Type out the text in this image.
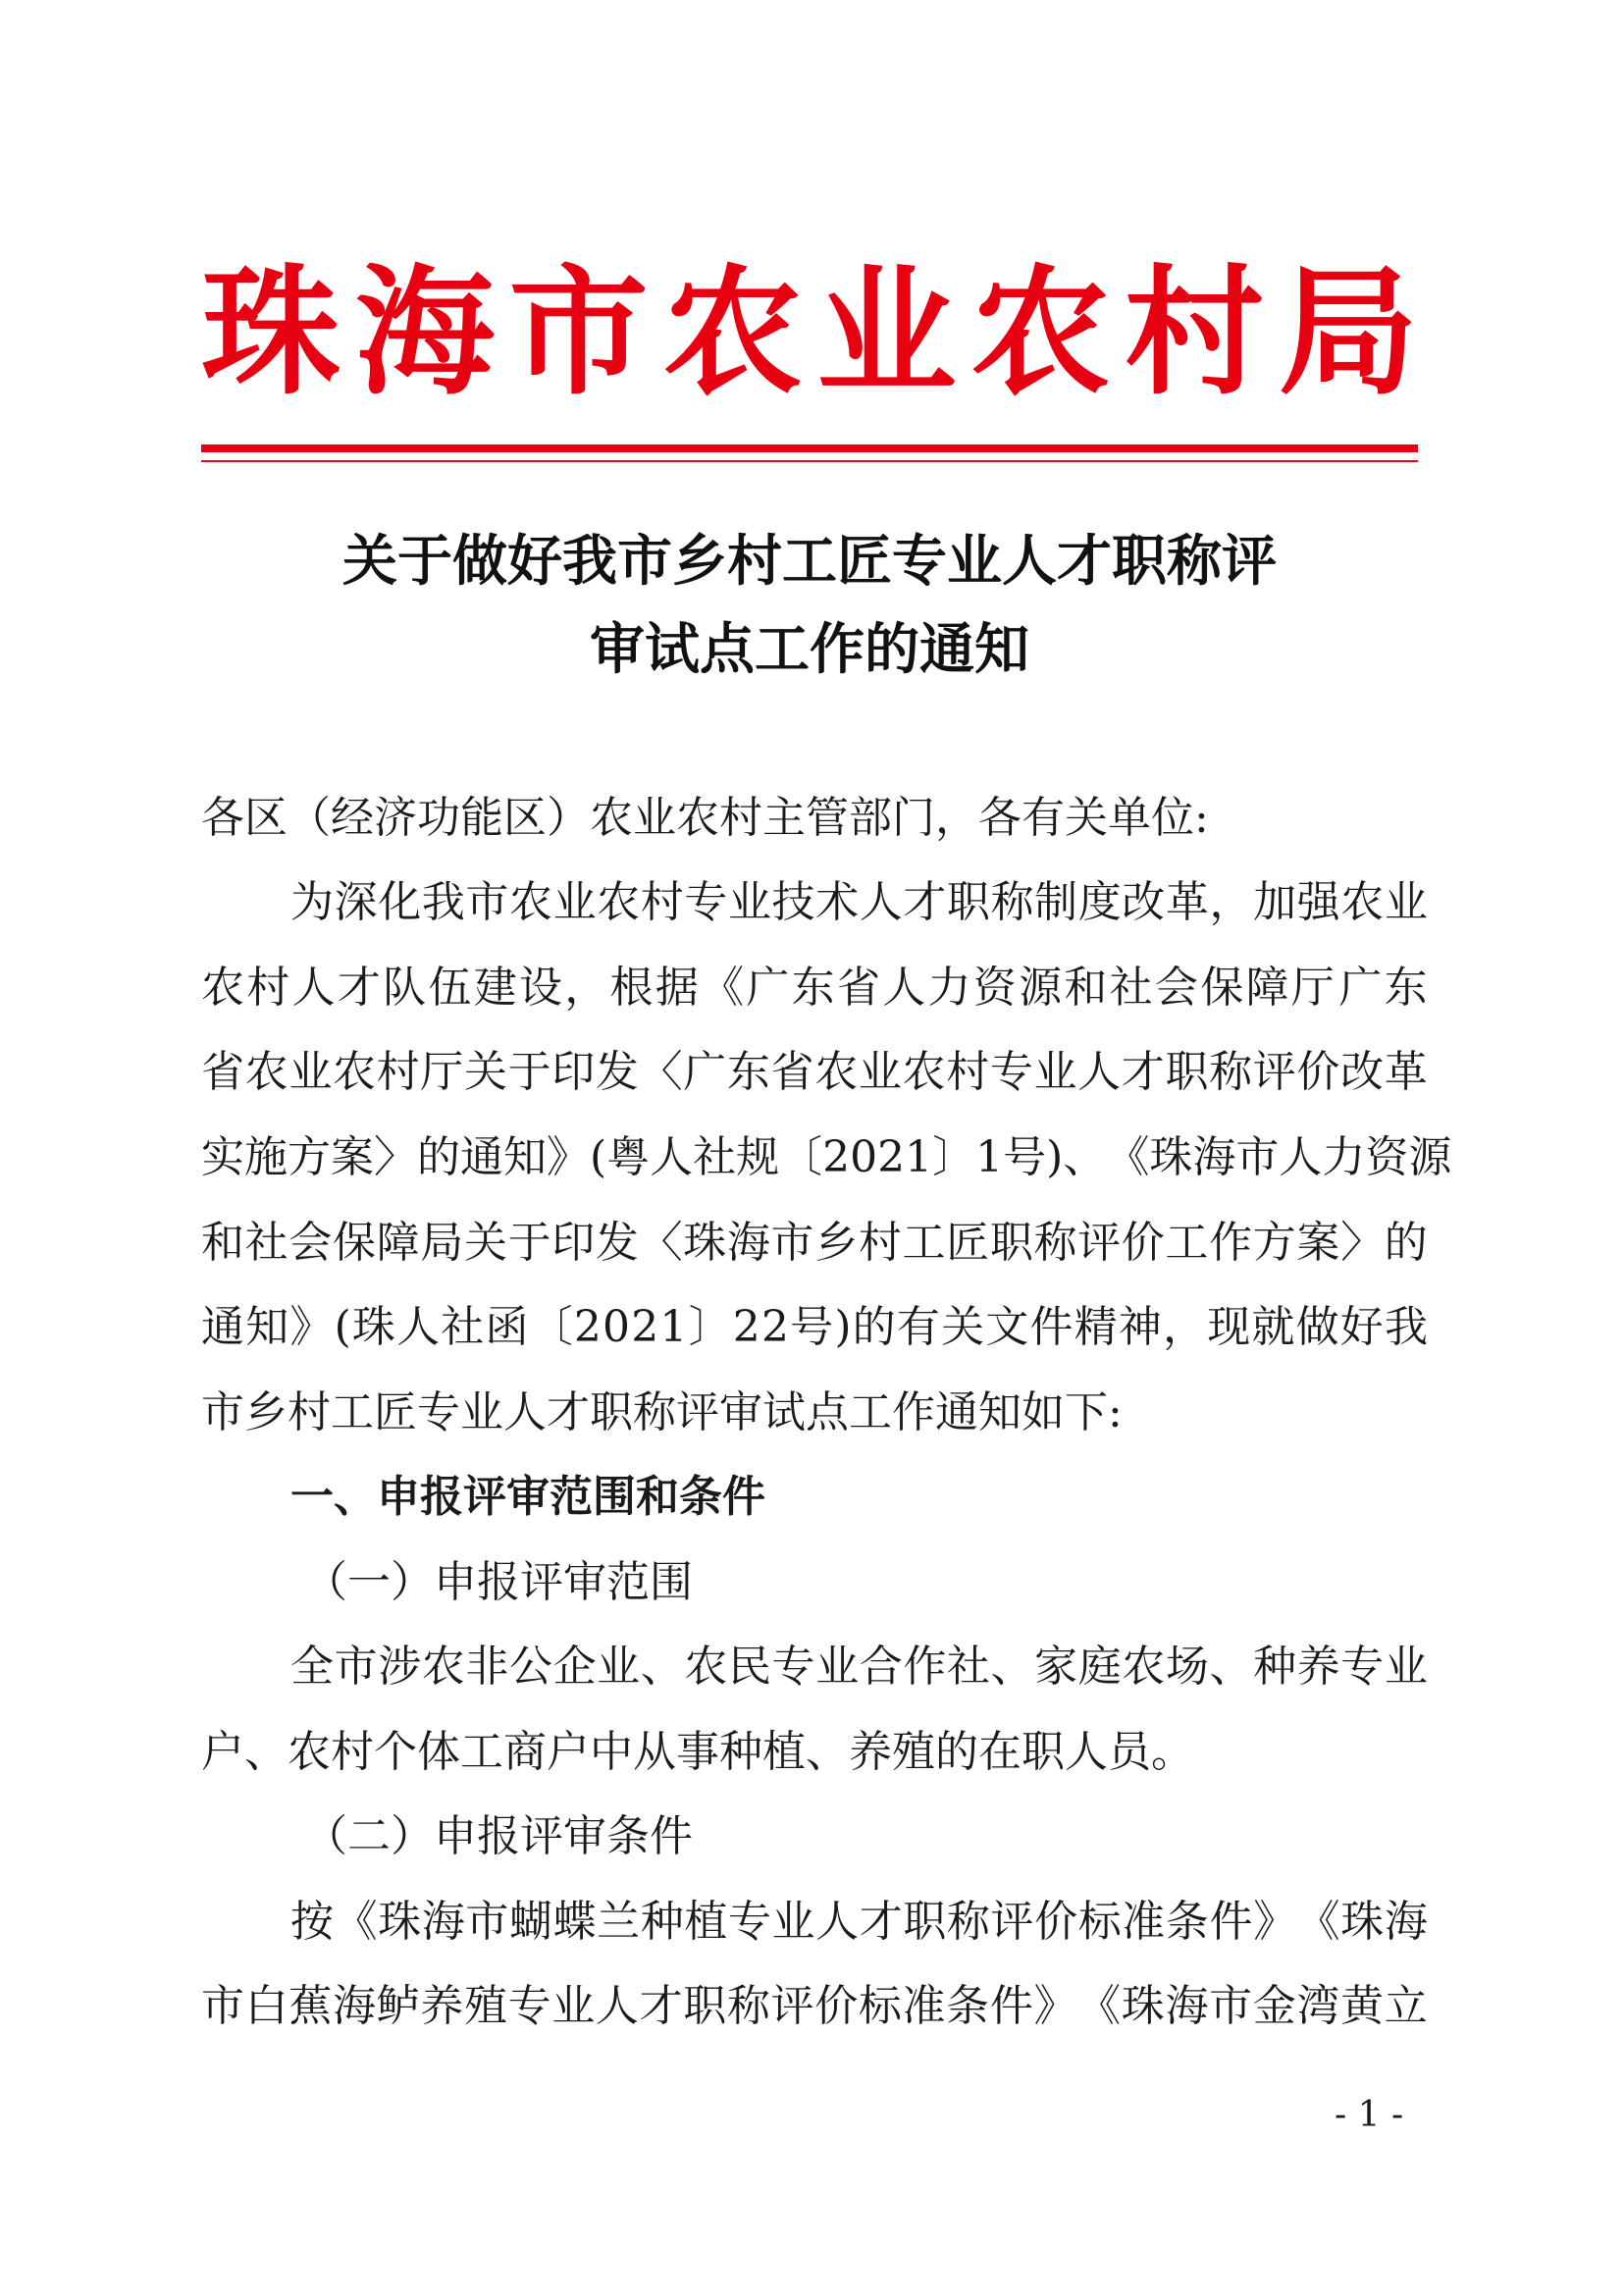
珠 海 市 农 业 农 村 局
关于做好我市乡村工匠专业人才职称评
审试点工作的通知
各区（经济功能区）农业农村主管部门，各有关单位:
为 深 化 我 市 农 业 农 村 专 业 技 术 人 才 职 称 制 度 改 革 ， 加 强 农 业
农 村 人 才 队 伍 建 设 ， 根 据 《 广 东 省 人 力 资 源 和 社 会 保 障 厅 广 东
省 农 业 农 村 厅 关 于 印 发 〈 广 东 省 农 业 农 村 专 业 人 才 职 称 评 价 改 革
实 施 方 案 〉 的 通 知 》 ( 粤 人 社 规 〔 2 0 2 1 〕 1 号 ) 、 《 珠 海 市 人 力 资 源
和 社 会 保 障 局 关 于 印 发 〈 珠 海 市 乡 村 工 匠 职 称 评 价 工 作 方 案 〉 的
通 知 》 ( 珠 人 社 函 〔 2 0 2 1 〕 2 2 号 ) 的 有 关 文 件 精 神 ， 现 就 做 好 我
市乡村工匠专业人才职称评审试点工作通知如下:
一、申报评审范围和条件
（一）申报评审范围
全 市 涉 农 非 公 企 业 、 农 民 专 业 合 作 社 、 家 庭 农 场 、 种 养 专 业
户、农村个体工商户中从事种植、养殖的在职人员。
（二）申报评审条件
按 《 珠 海 市 蝴 蝶 兰 种 植 专 业 人 才 职 称 评 价 标 准 条 件 》 《 珠 海
市 白 蕉 海 鲈 养 殖 专 业 人 才 职 称 评 价 标 准 条 件 》 《 珠 海 市 金 湾 黄 立
- 1 -
